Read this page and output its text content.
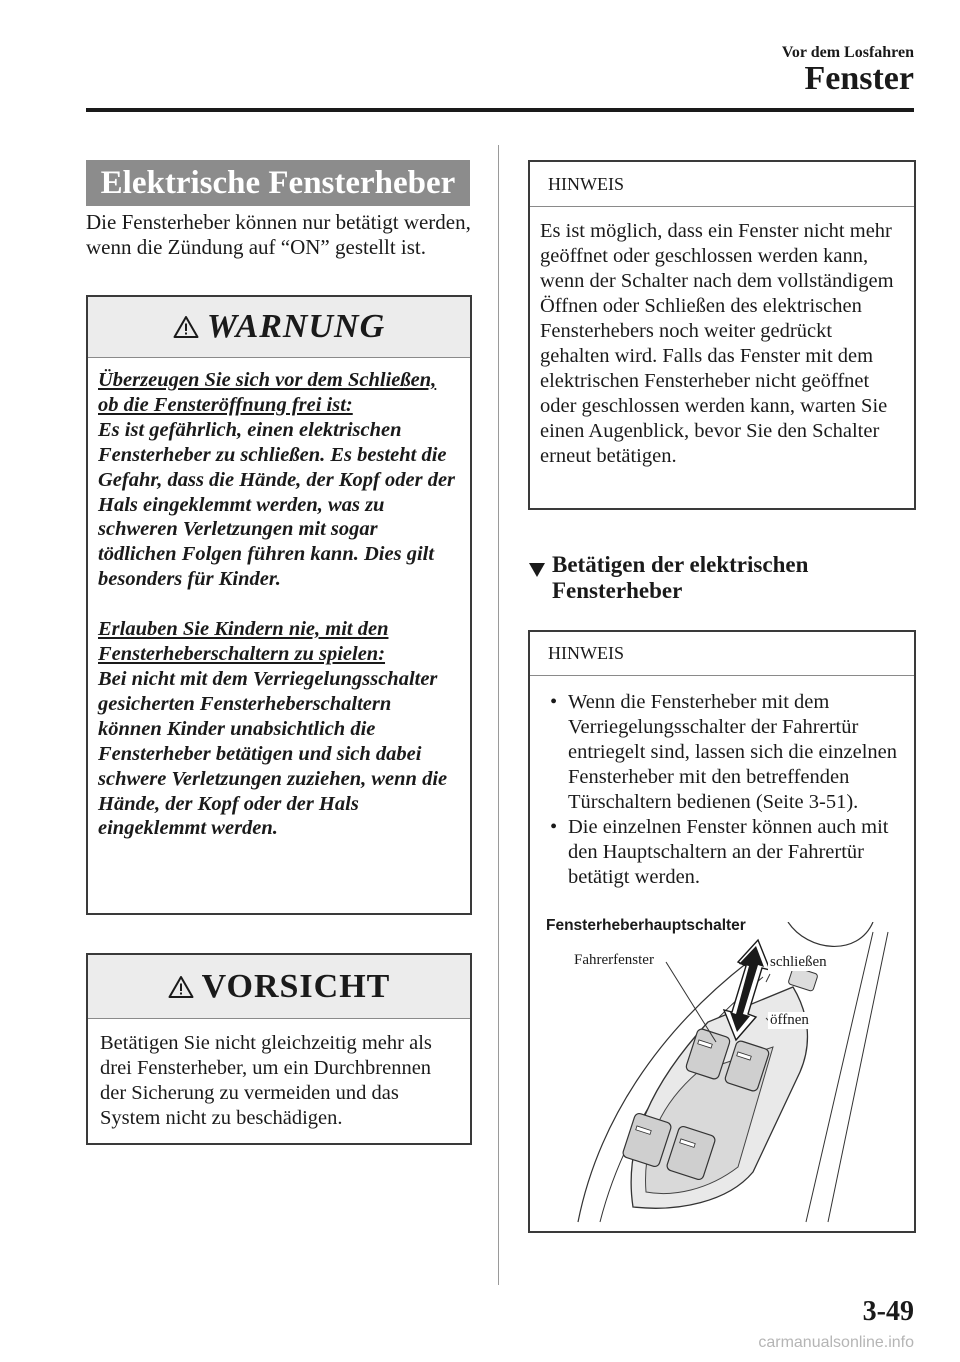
Vor dem Losfahren
Fenster
Elektrische Fensterheber
Die Fensterheber können nur betätigt werden, wenn die Zündung auf “ON” gestellt ist.
WARNUNG
Überzeugen Sie sich vor dem Schließen, ob die Fensteröffnung frei ist:
Es ist gefährlich, einen elektrischen Fensterheber zu schließen. Es besteht die Gefahr, dass die Hände, der Kopf oder der Hals eingeklemmt werden, was zu schweren Verletzungen mit sogar tödlichen Folgen führen kann. Dies gilt besonders für Kinder.
Erlauben Sie Kindern nie, mit den Fensterheberschaltern zu spielen:
Bei nicht mit dem Verriegelungsschalter gesicherten Fensterheberschaltern können Kinder unabsichtlich die Fensterheber betätigen und sich dabei schwere Verletzungen zuziehen, wenn die Hände, der Kopf oder der Hals eingeklemmt werden.
VORSICHT
Betätigen Sie nicht gleichzeitig mehr als drei Fensterheber, um ein Durchbrennen der Sicherung zu vermeiden und das System nicht zu beschädigen.
HINWEIS
Es ist möglich, dass ein Fenster nicht mehr geöffnet oder geschlossen werden kann, wenn der Schalter nach dem vollständigem Öffnen oder Schließen des elektrischen Fensterhebers noch weiter gedrückt gehalten wird. Falls das Fenster mit dem elektrischen Fensterheber nicht geöffnet oder geschlossen werden kann, warten Sie einen Augenblick, bevor Sie den Schalter erneut betätigen.
Betätigen der elektrischen Fensterheber
HINWEIS
• Wenn die Fensterheber mit dem Verriegelungsschalter der Fahrertür entriegelt sind, lassen sich die einzelnen Fensterheber mit den betreffenden Türschaltern bedienen (Seite 3-51).
• Die einzelnen Fenster können auch mit den Hauptschaltern an der Fahrertür betätigt werden.
Fensterheberhauptschalter
Fahrerfenster	schließen
öffnen
3-49
carmanualsonline.info
